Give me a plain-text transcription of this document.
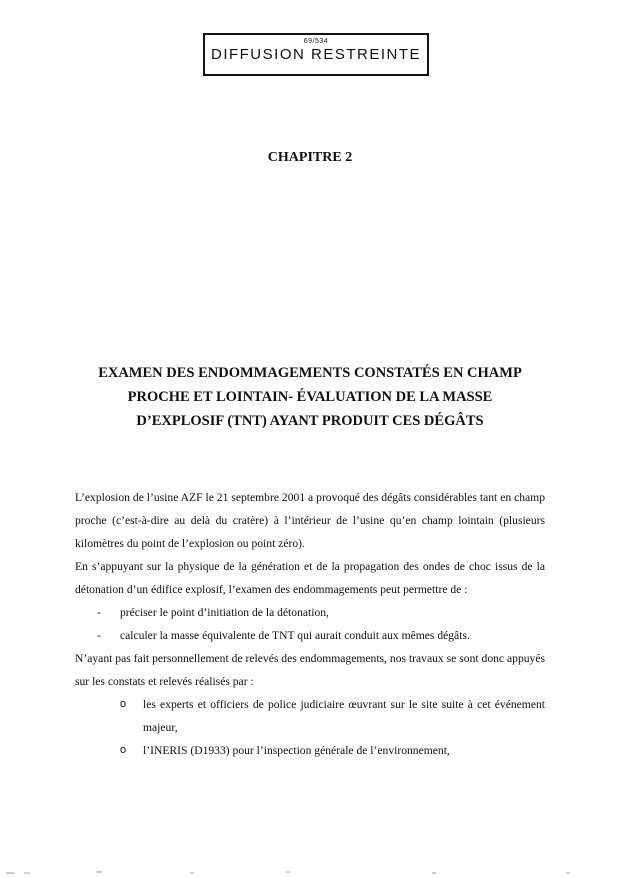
69/534
DIFFUSION RESTREINTE
CHAPITRE 2
EXAMEN DES ENDOMMAGEMENTS CONSTATÉS EN CHAMP
PROCHE ET LOINTAIN- ÉVALUATION DE LA MASSE
D’EXPLOSIF (TNT) AYANT PRODUIT CES DÉGÂTS

L’explosion de l’usine AZF le 21 septembre 2001 a provoqué des dégâts considérables tant en champ proche (c’est-à-dire au delà du cratère) à l’intérieur de l’usine qu’en champ lointain (plusieurs kilomètres du point de l’explosion ou point zéro).

En s’appuyant sur la physique de la génération et de la propagation des ondes de choc issus de la détonation d’un édifice explosif, l’examen des endommagements peut permettre de :

- préciser le point d’initiation de la détonation,
- calculer la masse équivalente de TNT qui aurait conduit aux mêmes dégâts.

N’ayant pas fait personnellement de relevés des endommagements, nos travaux se sont donc appuyés sur les constats et relevés réalisés par :

o les experts et officiers de police judiciaire œuvrant sur le site suite à cet événement majeur,
o l’INERIS (D1933) pour l’inspection générale de l’environnement,
